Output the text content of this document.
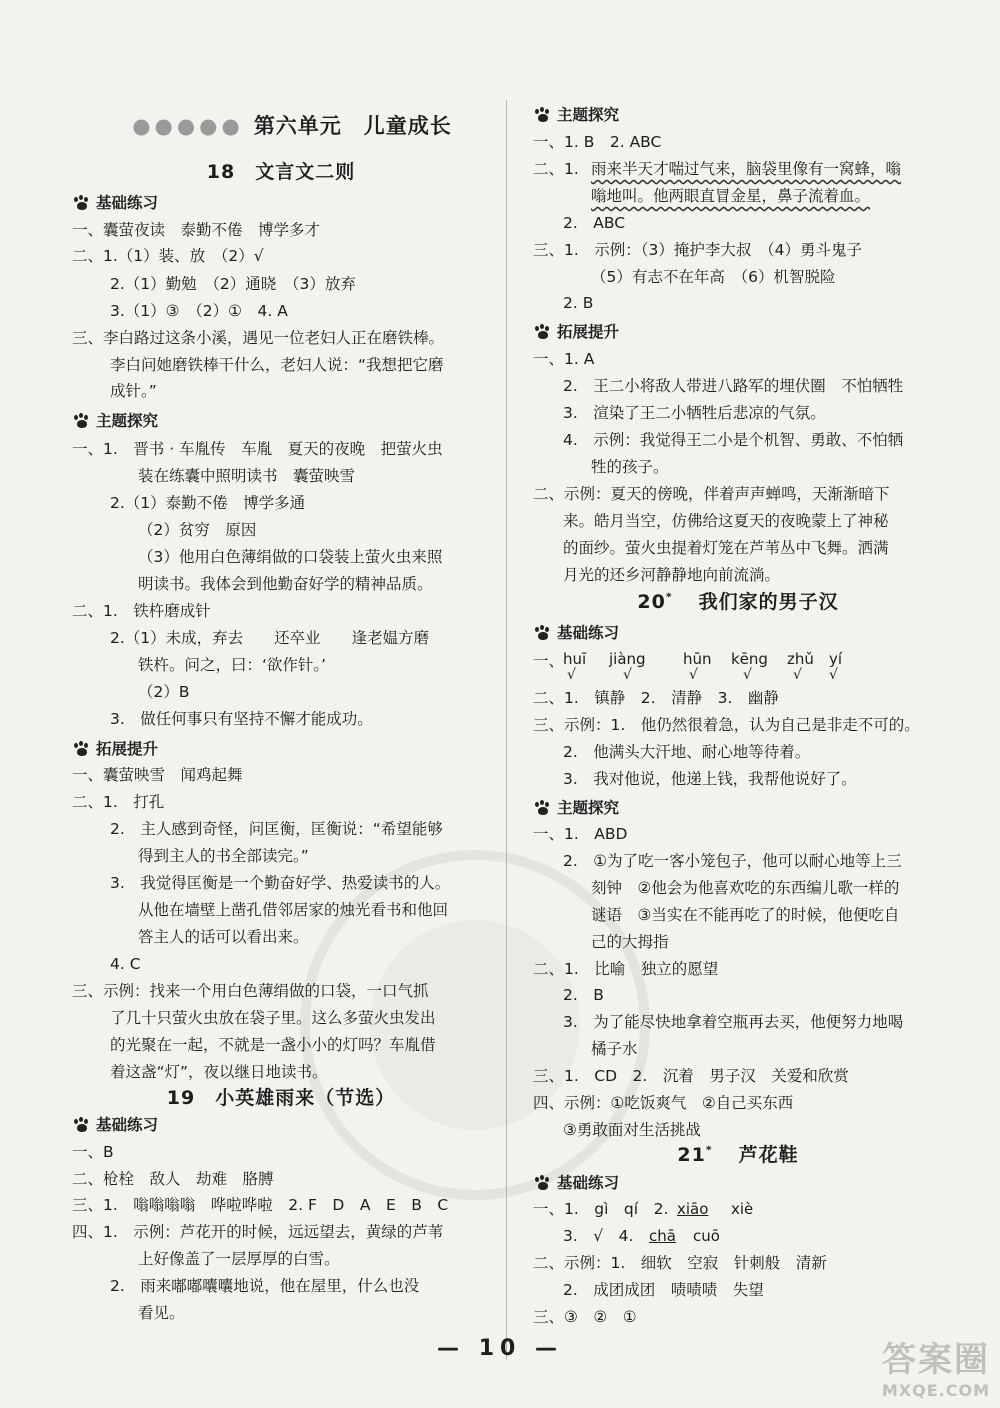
●●●●● 第六单元　儿童成长
18　文言文二则
基础练习
一、囊萤夜读　泰勤不倦　博学多才
二、1.（1）装、放　（2）√
2.（1）勤勉　（2）通晓　（3）放弃
3.（1）③　（2）①　4. A
三、李白路过这条小溪，遇见一位老妇人正在磨铁棒。
李白问她磨铁棒干什么，老妇人说：“我想把它磨
成针。”
主题探究
一、1.　晋书 · 车胤传　车胤　夏天的夜晚　把萤火虫
装在练囊中照明读书　囊萤映雪
2.（1）泰勤不倦　博学多通
（2）贫穷　原因
（3）他用白色薄绢做的口袋装上萤火虫来照
明读书。我体会到他勤奋好学的精神品质。
二、1.　铁杵磨成针
2.（1）未成，弃去　　还卒业　　逢老媪方磨
铁杵。问之，曰：‘欲作针。’
（2）B
3.　做任何事只有坚持不懈才能成功。
拓展提升
一、囊萤映雪　闻鸡起舞
二、1.　打孔
2.　主人感到奇怪，问匡衡，匡衡说：“希望能够
得到主人的书全部读完。”
3.　我觉得匡衡是一个勤奋好学、热爱读书的人。
从他在墙壁上凿孔借邻居家的烛光看书和他回
答主人的话可以看出来。
4. C
三、示例：找来一个用白色薄绢做的口袋，一口气抓
了几十只萤火虫放在袋子里。这么多萤火虫发出
的光聚在一起，不就是一盏小小的灯吗？车胤借
着这盏“灯”，夜以继日地读书。
19　小英雄雨来（节选）
基础练习
一、B
二、枪栓　敌人　劫难　胳膊
三、1.　嗡嗡嗡嗡　哗啦哗啦　2. F　D　A　E　B　C
四、1.　示例：芦花开的时候，远远望去，黄绿的芦苇
上好像盖了一层厚厚的白雪。
2.　雨来嘟嘟囔囔地说，他在屋里，什么也没
看见。
主题探究
一、1. B　2. ABC
二、1. 雨来半天才喘过气来，脑袋里像有一窝蜂，嗡
嗡地叫。他两眼直冒金星，鼻子流着血。
2.　ABC
三、1.　示例：（3）掩护李大叔　（4）勇斗鬼子
（5）有志不在年高　（6）机智脱险
2. B
拓展提升
一、1. A
2.　王二小将敌人带进八路军的埋伏圈　不怕牺牲
3.　渲染了王二小牺牲后悲凉的气氛。
4.　示例：我觉得王二小是个机智、勇敢、不怕牺
牲的孩子。
二、示例：夏天的傍晚，伴着声声蝉鸣，天渐渐暗下
来。皓月当空，仿佛给这夏天的夜晚蒙上了神秘
的面纱。萤火虫提着灯笼在芦苇丛中飞舞。洒满
月光的还乡河静静地向前流淌。
20* 我们家的男子汉
基础练习
一、
huī jiàng hūn kēng zhǔ yí
√	√	√	√	√ √
二、1.　镇静　2.　清静　3.　幽静
三、示例：1.　他仍然很着急，认为自己是非走不可的。
2.　他满头大汗地、耐心地等待着。
3.　我对他说，他递上钱，我帮他说好了。
主题探究
一、1.　ABD
2.　①为了吃一客小笼包子，他可以耐心地等上三
刻钟　②他会为他喜欢吃的东西编儿歌一样的
谜语　③当实在不能再吃了的时候，他便吃自
己的大拇指
二、1.　比喻　独立的愿望
2.　B
3.　为了能尽快地拿着空瓶再去买，他便努力地喝
橘子水
三、1.　CD　2.　沉着　男子汉　关爱和欣赏
四、示例：①吃饭爽气　②自己买东西
③勇敢面对生活挑战
21* 芦花鞋
基础练习
一、1.　gì　qí　2. xiāo xiè
3.　√　4.	chā cuō
二、示例：1.　细软　空寂　针刺般　清新
2.　成团成团　啧啧啧　失望
三、③　②　①
— 10 —	答案圈
MXQE.COM
